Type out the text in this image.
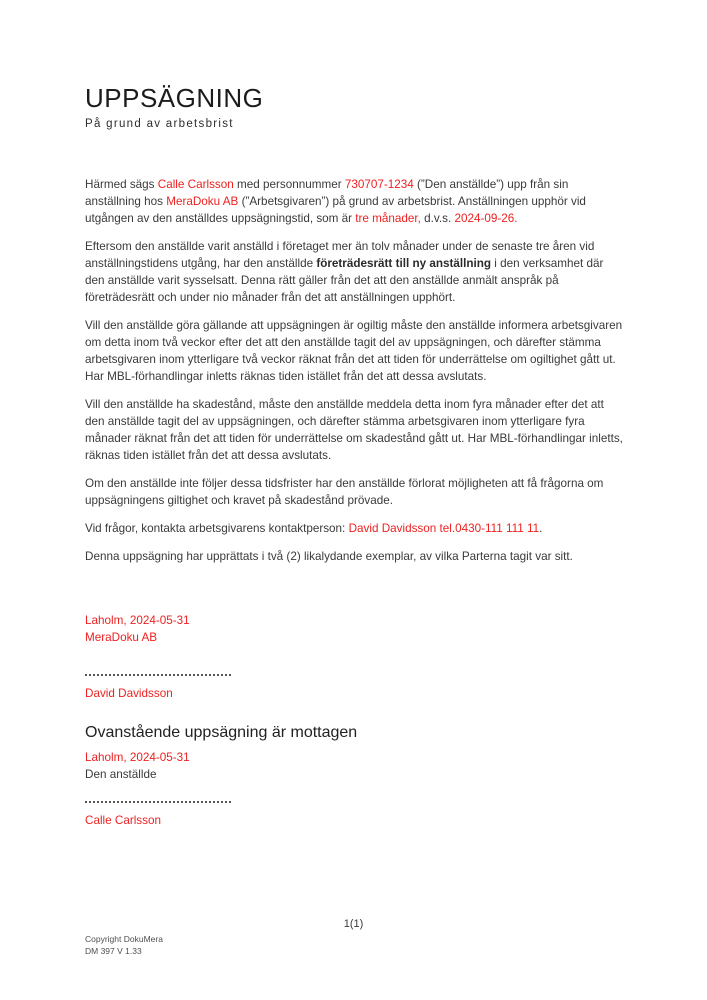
UPPSÄGNING
På grund av arbetsbrist

Härmed sägs Calle Carlsson med personnummer 730707-1234 (”Den anställde”) upp från sin anställning hos MeraDoku AB (”Arbetsgivaren”) på grund av arbetsbrist. Anställningen upphör vid utgången av den anställdes uppsägningstid, som är tre månader, d.v.s. 2024-09-26.

Eftersom den anställde varit anställd i företaget mer än tolv månader under de senaste tre åren vid anställningstidens utgång, har den anställde företrädesrätt till ny anställning i den verksamhet där den anställde varit sysselsatt. Denna rätt gäller från det att den anställde anmält anspråk på företrädesrätt och under nio månader från det att anställningen upphört.

Vill den anställde göra gällande att uppsägningen är ogiltig måste den anställde informera arbetsgivaren om detta inom två veckor efter det att den anställde tagit del av uppsägningen, och därefter stämma arbetsgivaren inom ytterligare två veckor räknat från det att tiden för underrättelse om ogiltighet gått ut. Har MBL-förhandlingar inletts räknas tiden istället från det att dessa avslutats.

Vill den anställde ha skadestånd, måste den anställde meddela detta inom fyra månader efter det att den anställde tagit del av uppsägningen, och därefter stämma arbetsgivaren inom ytterligare fyra månader räknat från det att tiden för underrättelse om skadestånd gått ut. Har MBL-förhandlingar inletts, räknas tiden istället från det att dessa avslutats.

Om den anställde inte följer dessa tidsfrister har den anställde förlorat möjligheten att få frågorna om uppsägningens giltighet och kravet på skadestånd prövade.

Vid frågor, kontakta arbetsgivarens kontaktperson: David Davidsson tel.0430-111 111 11.

Denna uppsägning har upprättats i två (2) likalydande exemplar, av vilka Parterna tagit var sitt.

Laholm, 2024-05-31
MeraDoku AB
David Davidsson
Ovanstående uppsägning är mottagen
Laholm, 2024-05-31
Den anställde
Calle Carlsson
1(1)
Copyright DokuMera
DM 397 V 1.33
